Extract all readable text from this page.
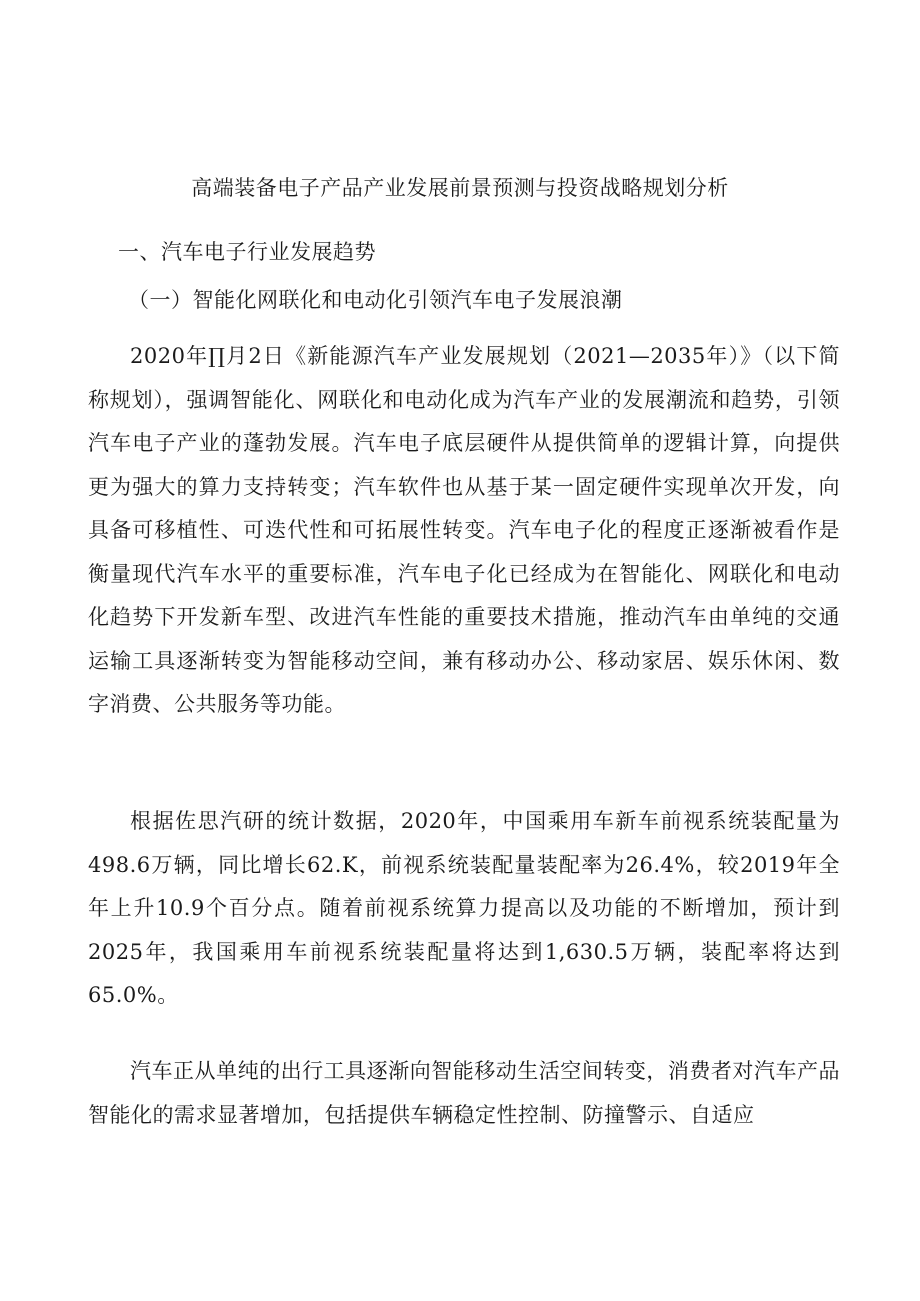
高端装备电子产品产业发展前景预测与投资战略规划分析
一、汽车电子行业发展趋势
（一）智能化网联化和电动化引领汽车电子发展浪潮

2020年∏月2日《新能源汽车产业发展规划（2021—2035年）》（以下简称规划），强调智能化、网联化和电动化成为汽车产业的发展潮流和趋势，引领汽车电子产业的蓬勃发展。汽车电子底层硬件从提供简单的逻辑计算，向提供更为强大的算力支持转变；汽车软件也从基于某一固定硬件实现单次开发，向具备可移植性、可迭代性和可拓展性转变。汽车电子化的程度正逐渐被看作是衡量现代汽车水平的重要标准，汽车电子化已经成为在智能化、网联化和电动化趋势下开发新车型、改进汽车性能的重要技术措施，推动汽车由单纯的交通运输工具逐渐转变为智能移动空间，兼有移动办公、移动家居、娱乐休闲、数字消费、公共服务等功能。

根据佐思汽研的统计数据，2020年，中国乘用车新车前视系统装配量为498.6万辆，同比增长62.K，前视系统装配量装配率为26.4%，较2019年全年上升10.9个百分点。随着前视系统算力提高以及功能的不断增加，预计到2025年，我国乘用车前视系统装配量将达到1,630.5万辆，装配率将达到65.0%。

汽车正从单纯的出行工具逐渐向智能移动生活空间转变，消费者对汽车产品智能化的需求显著增加，包括提供车辆稳定性控制、防撞警示、自适应
